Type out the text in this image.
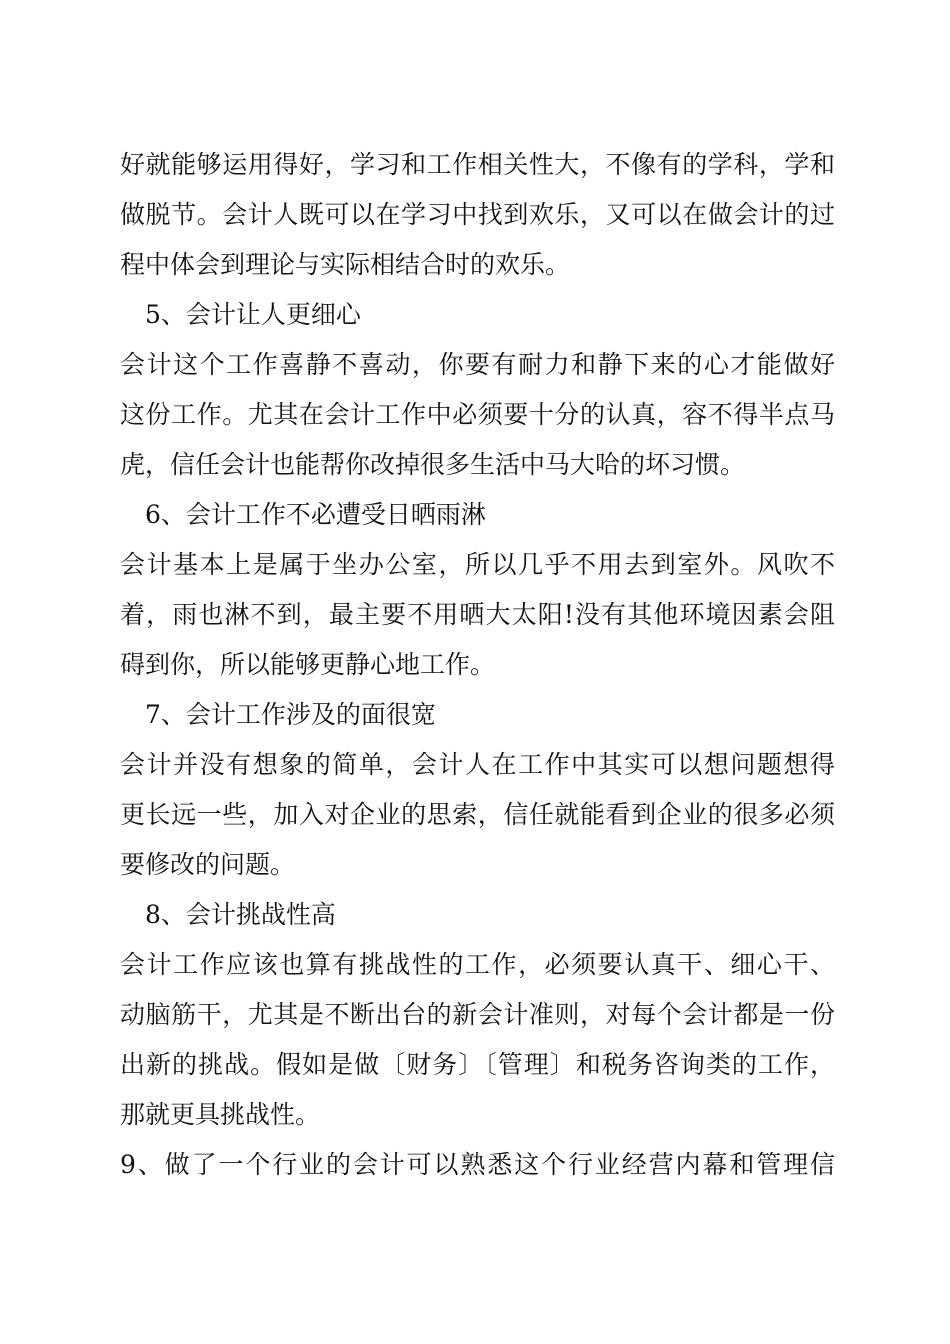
好就能够运用得好，学习和工作相关性大，不像有的学科，学和
做脱节。会计人既可以在学习中找到欢乐，又可以在做会计的过
程中体会到理论与实际相结合时的欢乐。
5、会计让人更细心
会计这个工作喜静不喜动，你要有耐力和静下来的心才能做好
这份工作。尤其在会计工作中必须要十分的认真，容不得半点马
虎，信任会计也能帮你改掉很多生活中马大哈的坏习惯。
6、会计工作不必遭受日晒雨淋
会计基本上是属于坐办公室，所以几乎不用去到室外。风吹不
着，雨也淋不到，最主要不用晒大太阳!没有其他环境因素会阻
碍到你，所以能够更静心地工作。
7、会计工作涉及的面很宽
会计并没有想象的简单，会计人在工作中其实可以想问题想得
更长远一些，加入对企业的思索，信任就能看到企业的很多必须
要修改的问题。
8、会计挑战性高
会计工作应该也算有挑战性的工作，必须要认真干、细心干、
动脑筋干，尤其是不断出台的新会计准则，对每个会计都是一份
出新的挑战。假如是做〔财务〕〔管理〕和税务咨询类的工作，
那就更具挑战性。
9、做了一个行业的会计可以熟悉这个行业经营内幕和管理信
